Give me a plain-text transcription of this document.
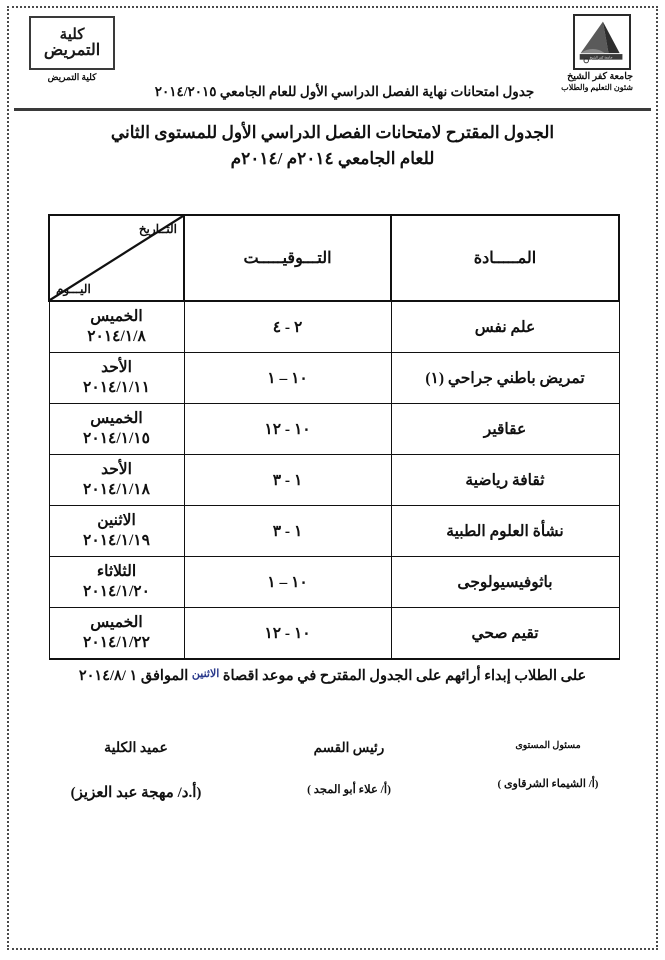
جامعة كفر الشيخ
جامعة كفر الشيخ
شئون التعليم والطلاب
كلية
التمريض
كلية التمريض
جدول امتحانات نهاية الفصل الدراسي الأول للعام الجامعي ٢٠١٤/٢٠١٥
الجدول المقترح لامتحانات الفصل الدراسي الأول للمستوى الثاني
للعام الجامعي ٢٠١٤م /٢٠١٤م
المـــــادة	التـــوقيـــــت	التــاريخ
اليـــوم

علم نفس	٢ - ٤	الخميس
٢٠١٤/١/٨

تمريض باطني جراحي (١)	١٠ – ١	الأحد
٢٠١٤/١/١١

عقاقير	١٠ - ١٢	الخميس
٢٠١٤/١/١٥

ثقافة رياضية	١ - ٣	الأحد
٢٠١٤/١/١٨

نشأة العلوم الطبية	١ - ٣	الاثنين
٢٠١٤/١/١٩

باثوفيسيولوجى	١٠ – ١	الثلاثاء
٢٠١٤/١/٢٠

تقيم صحي	١٠ - ١٢	الخميس
٢٠١٤/١/٢٢
على الطلاب إبداء أرائهم على الجدول المقترح في موعد اقصاة $^{الاثنين}$ الموافق ١ /٢٠١٤/٨
مسئول المستوى
(أ/ الشيماء الشرقاوى )
رئيس القسم
(أ/ علاء أبو المجد )
عميد الكلية
(أ.د/ مهجة عبد العزيز)
